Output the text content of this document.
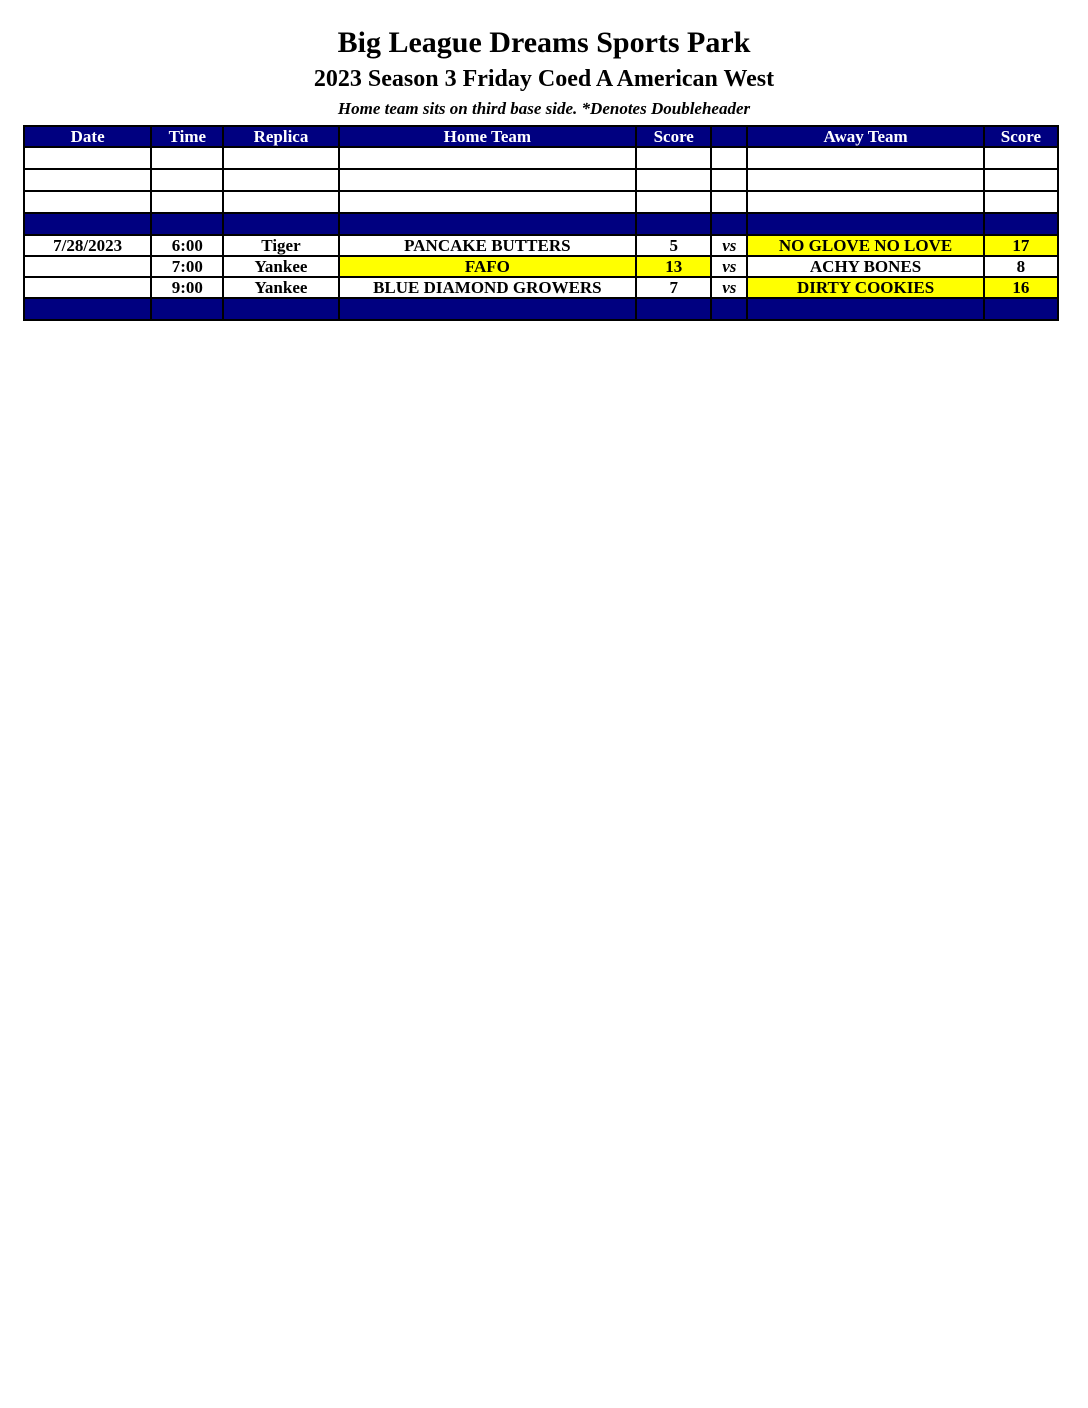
Big League Dreams Sports Park
2023 Season 3 Friday Coed A American West
Home team sits on third base side. *Denotes Doubleheader
Date	Time	Replica	Home Team	Score		Away Team	Score

7/28/2023	6:00	Tiger	PANCAKE BUTTERS	5	vs	NO GLOVE NO LOVE	17
	7:00	Yankee	FAFO	13	vs	ACHY BONES	8
	9:00	Yankee	BLUE DIAMOND GROWERS	7	vs	DIRTY COOKIES	16
